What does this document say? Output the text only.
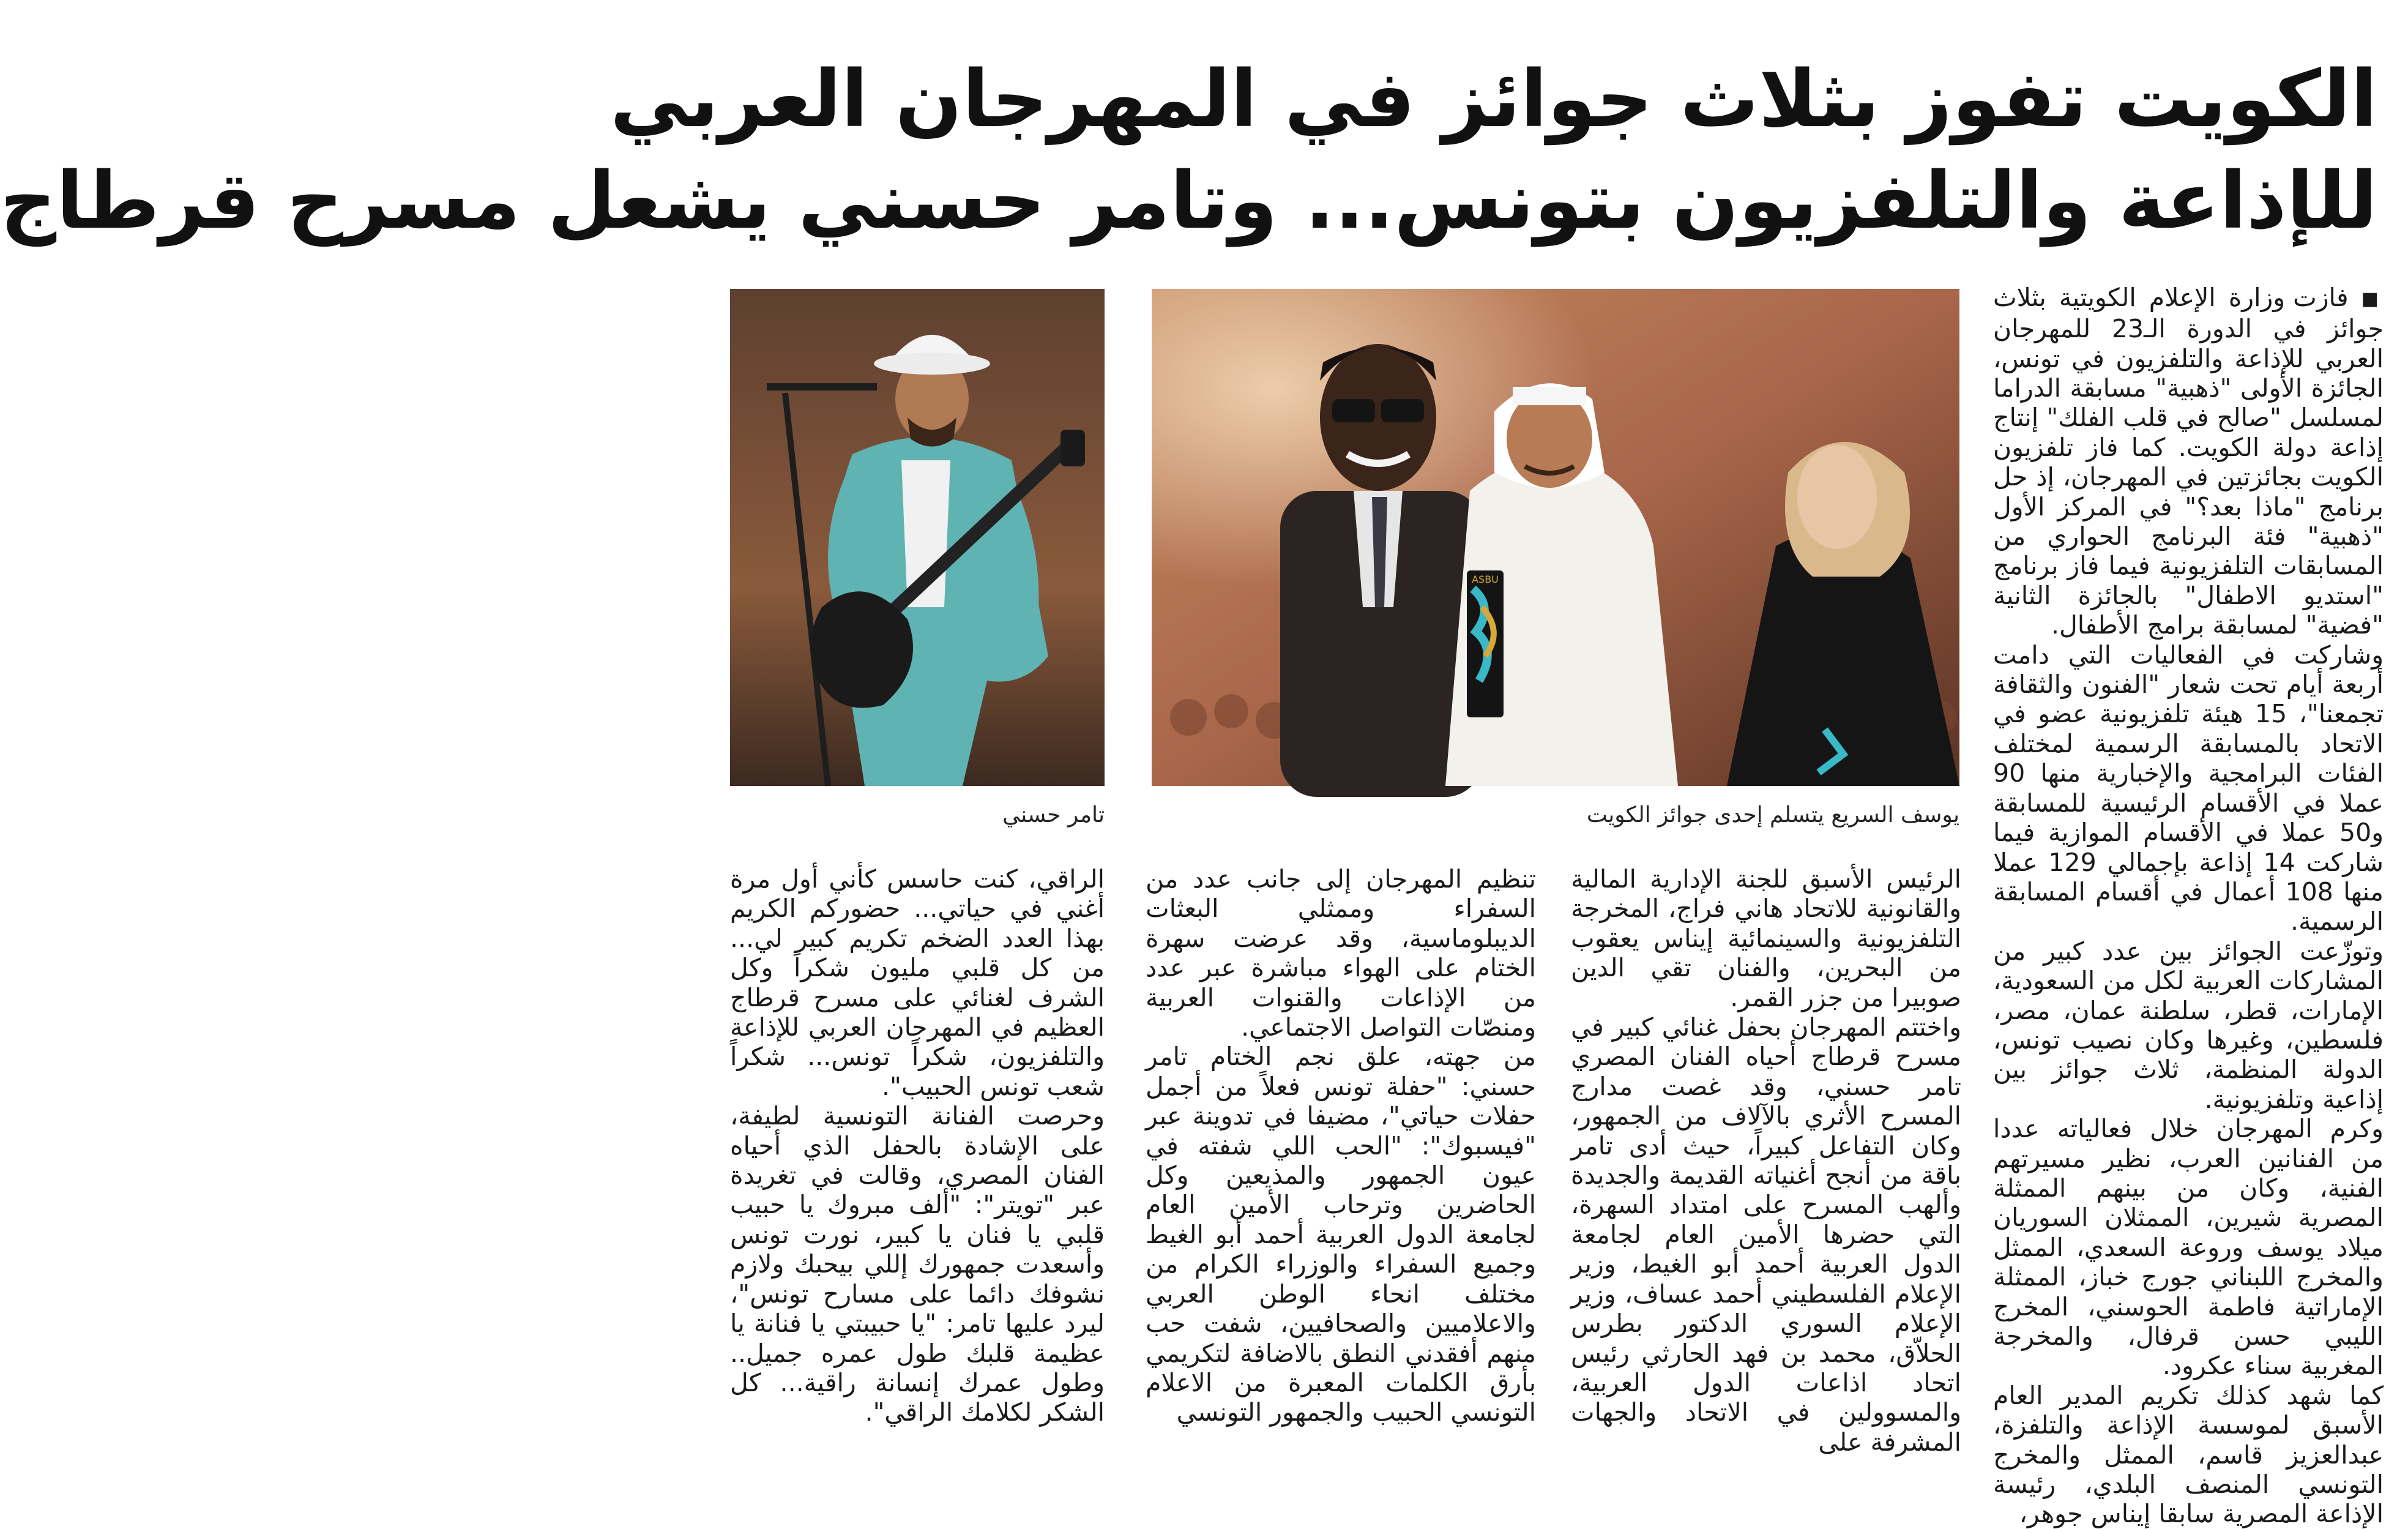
الكويت تفوز بثلاث جوائز في المهرجان العربي
للإذاعة والتلفزيون بتونس... وتامر حسني يشعل مسرح قرطاج

■ فازت وزارة الإعلام الكويتية بثلاث جوائز في الدورة الـ23 للمهرجان العربي للإذاعة والتلفزيون في تونس، الجائزة الأولى "ذهبية" مسابقة الدراما لمسلسل "صالح في قلب الفلك" إنتاج إذاعة دولة الكويت. كما فاز تلفزيون الكويت بجائزتين في المهرجان، إذ حل برنامج "ماذا بعد؟" في المركز الأول "ذهبية" فئة البرنامج الحواري من المسابقات التلفزيونية فيما فاز برنامج "استديو الاطفال" بالجائزة الثانية "فضية" لمسابقة برامج الأطفال.

وشاركت في الفعاليات التي دامت أربعة أيام تحت شعار "الفنون والثقافة تجمعنا"، 15 هيئة تلفزيونية عضو في الاتحاد بالمسابقة الرسمية لمختلف الفئات البرامجية والإخبارية منها 90 عملا في الأقسام الرئيسية للمسابقة و50 عملا في الأقسام الموازية فيما شاركت 14 إذاعة بإجمالي 129 عملا منها 108 أعمال في أقسام المسابقة الرسمية.

وتوزّعت الجوائز بين عدد كبير من المشاركات العربية لكل من السعودية، الإمارات، قطر، سلطنة عمان، مصر، فلسطين، وغيرها وكان نصيب تونس، الدولة المنظمة، ثلاث جوائز بين إذاعية وتلفزيونية.

وكرم المهرجان خلال فعالياته عددا من الفنانين العرب، نظير مسيرتهم الفنية، وكان من بينهم الممثلة المصرية شيرين، الممثلان السوريان ميلاد يوسف وروعة السعدي، الممثل والمخرج اللبناني جورج خباز، الممثلة الإماراتية فاطمة الحوسني، المخرج الليبي حسن قرفال، والمخرجة المغربية سناء عكرود.

كما شهد كذلك تكريم المدير العام الأسبق لموسسة الإذاعة والتلفزة، عبدالعزيز قاسم، الممثل والمخرج التونسي المنصف البلدي، رئيسة الإذاعة المصرية سابقا إيناس جوهر،

ASBU
يوسف السريع يتسلم إحدى جوائز الكويت
تامر حسني

الرئيس الأسبق للجنة الإدارية المالية والقانونية للاتحاد هاني فراج، المخرجة التلفزيونية والسينمائية إيناس يعقوب من البحرين، والفنان تقي الدين صوبيرا من جزر القمر.

واختتم المهرجان بحفل غنائي كبير في مسرح قرطاج أحياه الفنان المصري تامر حسني، وقد غصت مدارج المسرح الأثري بالآلاف من الجمهور، وكان التفاعل كبيراً، حيث أدى تامر باقة من أنجح أغنياته القديمة والجديدة وألهب المسرح على امتداد السهرة، التي حضرها الأمين العام لجامعة الدول العربية أحمد أبو الغيط، وزير الإعلام الفلسطيني أحمد عساف، وزير الإعلام السوري الدكتور بطرس الحلاّق، محمد بن فهد الحارثي رئيس اتحاد اذاعات الدول العربية، والمسوولين في الاتحاد والجهات المشرفة على

تنظيم المهرجان إلى جانب عدد من السفراء وممثلي البعثات الديبلوماسية، وقد عرضت سهرة الختام على الهواء مباشرة عبر عدد من الإذاعات والقنوات العربية ومنصّات التواصل الاجتماعي.

من جهته، علق نجم الختام تامر حسني: "حفلة تونس فعلاً من أجمل حفلات حياتي"، مضيفا في تدوينة عبر "فيسبوك": "الحب اللي شفته في عيون الجمهور والمذيعين وكل الحاضرين وترحاب الأمين العام لجامعة الدول العربية أحمد أبو الغيط وجميع السفراء والوزراء الكرام من مختلف انحاء الوطن العربي والاعلاميين والصحافيين، شفت حب منهم أفقدني النطق بالاضافة لتكريمي بأرق الكلمات المعبرة من الاعلام التونسي الحبيب والجمهور التونسي

الراقي، كنت حاسس كأني أول مرة أغني في حياتي... حضوركم الكريم بهذا العدد الضخم تكريم كبير لي... من كل قلبي مليون شكراً وكل الشرف لغنائي على مسرح قرطاج العظيم في المهرجان العربي للإذاعة والتلفزيون، شكراً تونس... شكراً شعب تونس الحبيب".

وحرصت الفنانة التونسية لطيفة، على الإشادة بالحفل الذي أحياه الفنان المصري، وقالت في تغريدة عبر "تويتر": "ألف مبروك يا حبيب قلبي يا فنان يا كبير، نورت تونس وأسعدت جمهورك إللي بيحبك ولازم نشوفك دائما على مسارح تونس"، ليرد عليها تامر: "يا حبيبتي يا فنانة يا عظيمة قلبك طول عمره جميل.. وطول عمرك إنسانة راقية... كل الشكر لكلامك الراقي".
